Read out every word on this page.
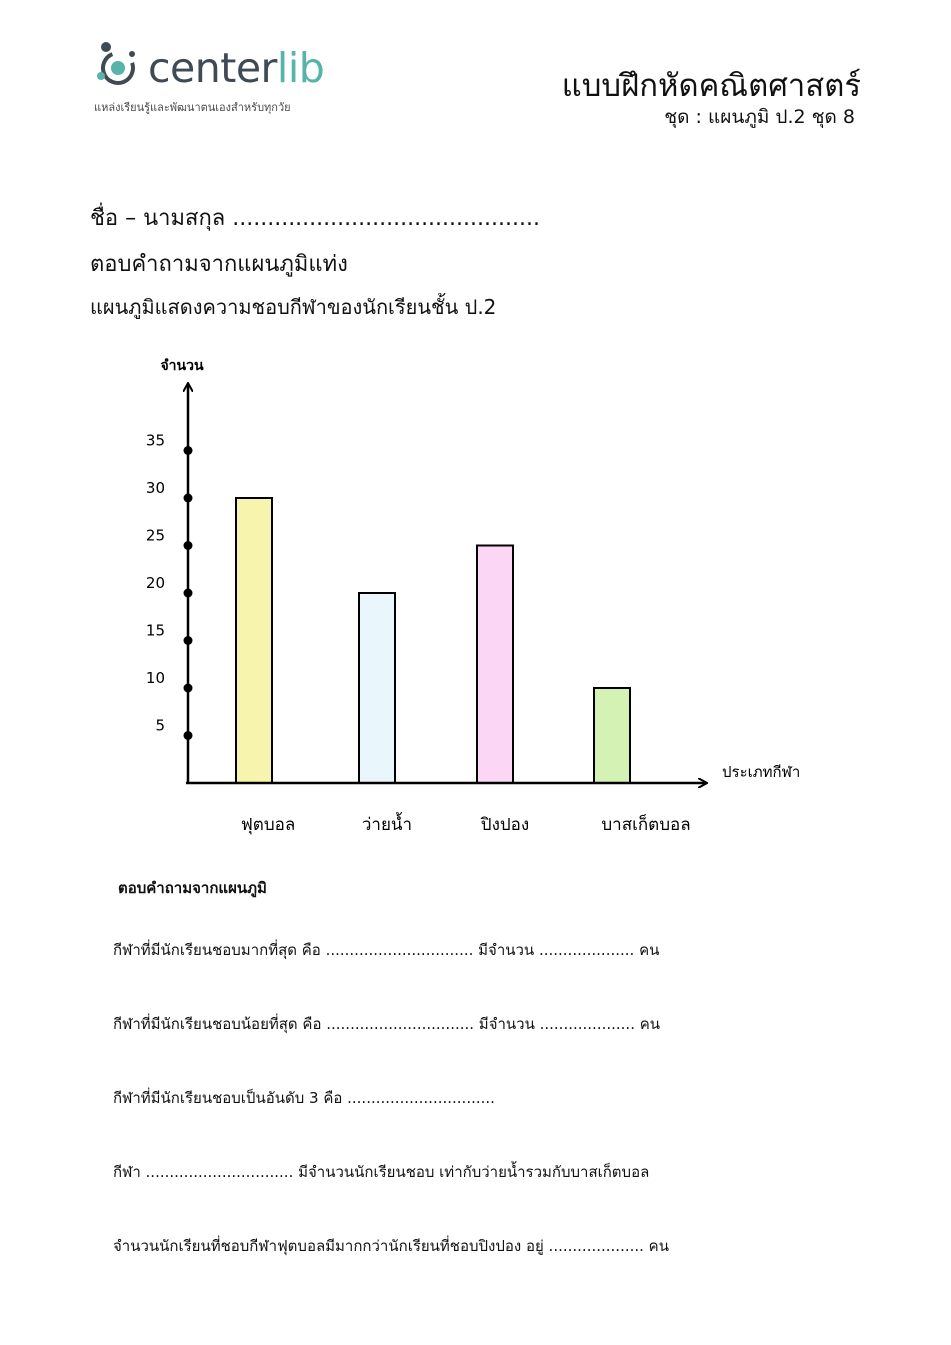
centerlib
แหล่งเรียนรู้และพัฒนาตนเองสำหรับทุกวัย
แบบฝึกหัดคณิตศาสตร์
ชุด : แผนภูมิ ป.2 ชุด 8
ชื่อ – นามสกุล ............................................
ตอบคำถามจากแผนภูมิแท่ง
แผนภูมิแสดงความชอบกีฬาของนักเรียนชั้น ป.2
5
10
15
20
25
30
35
ฟุตบอล	ว่ายน้ำ	ปิงปอง	บาสเก็ตบอล
จำนวน
ประเภทกีฬา
ตอบคำถามจากแผนภูมิ
กีฬาที่มีนักเรียนชอบมากที่สุด คือ ............................... มีจำนวน .................... คน
กีฬาที่มีนักเรียนชอบน้อยที่สุด คือ ............................... มีจำนวน .................... คน
กีฬาที่มีนักเรียนชอบเป็นอันดับ 3 คือ ...............................
กีฬา ............................... มีจำนวนนักเรียนชอบ เท่ากับว่ายน้ำรวมกับบาสเก็ตบอล
จำนวนนักเรียนที่ชอบกีฬาฟุตบอลมีมากกว่านักเรียนที่ชอบปิงปอง อยู่ .................... คน
